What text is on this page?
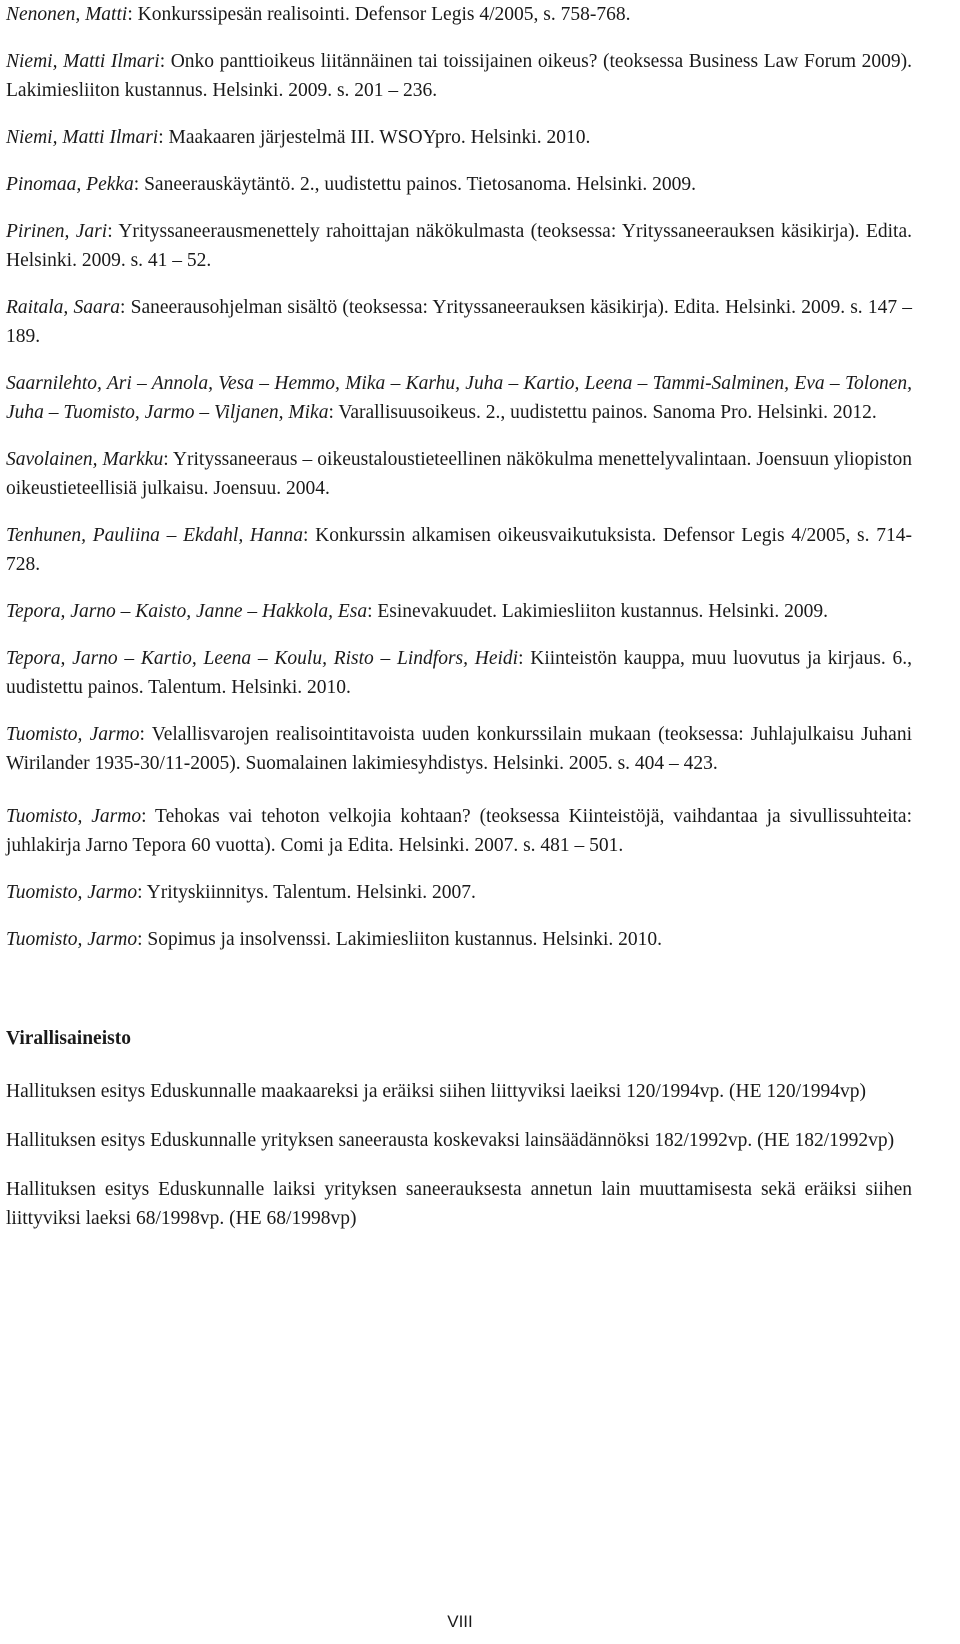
Nenonen, Matti: Konkurssipesän realisointi. Defensor Legis 4/2005, s. 758-768.

Niemi, Matti Ilmari: Onko panttioikeus liitännäinen tai toissijainen oikeus? (teoksessa Business Law Forum 2009). Lakimiesliiton kustannus. Helsinki. 2009. s. 201 – 236.

Niemi, Matti Ilmari: Maakaaren järjestelmä III. WSOYpro. Helsinki. 2010.

Pinomaa, Pekka: Saneerauskäytäntö. 2., uudistettu painos. Tietosanoma. Helsinki. 2009.

Pirinen, Jari: Yrityssaneerausmenettely rahoittajan näkökulmasta (teoksessa: Yrityssaneerauksen käsikirja). Edita. Helsinki. 2009. s. 41 – 52.

Raitala, Saara: Saneerausohjelman sisältö (teoksessa: Yrityssaneerauksen käsikirja). Edita. Helsinki. 2009. s. 147 – 189.

Saarnilehto, Ari – Annola, Vesa – Hemmo, Mika – Karhu, Juha – Kartio, Leena – Tammi-Salminen, Eva – Tolonen, Juha – Tuomisto, Jarmo – Viljanen, Mika: Varallisuusoikeus. 2., uudistettu painos. Sanoma Pro. Helsinki. 2012.

Savolainen, Markku: Yrityssaneeraus – oikeustaloustieteellinen näkökulma menettelyvalintaan. Joensuun yliopiston oikeustieteellisiä julkaisu. Joensuu. 2004.

Tenhunen, Pauliina – Ekdahl, Hanna: Konkurssin alkamisen oikeusvaikutuksista. Defensor Legis 4/2005, s. 714-728.

Tepora, Jarno – Kaisto, Janne – Hakkola, Esa: Esinevakuudet. Lakimiesliiton kustannus. Helsinki. 2009.

Tepora, Jarno – Kartio, Leena – Koulu, Risto – Lindfors, Heidi: Kiinteistön kauppa, muu luovutus ja kirjaus. 6., uudistettu painos. Talentum. Helsinki. 2010.

Tuomisto, Jarmo: Velallisvarojen realisointitavoista uuden konkurssilain mukaan (teoksessa: Juhlajulkaisu Juhani Wirilander 1935-30/11-2005). Suomalainen lakimiesyhdistys. Helsinki. 2005. s. 404 – 423.

Tuomisto, Jarmo: Tehokas vai tehoton velkojia kohtaan? (teoksessa Kiinteistöjä, vaihdantaa ja sivullissuhteita: juhlakirja Jarno Tepora 60 vuotta). Comi ja Edita. Helsinki. 2007. s. 481 – 501.

Tuomisto, Jarmo: Yrityskiinnitys. Talentum. Helsinki. 2007.

Tuomisto, Jarmo: Sopimus ja insolvenssi. Lakimiesliiton kustannus. Helsinki. 2010.

Virallisaineisto

Hallituksen esitys Eduskunnalle maakaareksi ja eräiksi siihen liittyviksi laeiksi 120/1994vp. (HE 120/1994vp)

Hallituksen esitys Eduskunnalle yrityksen saneerausta koskevaksi lainsäädännöksi 182/1992vp. (HE 182/1992vp)

Hallituksen esitys Eduskunnalle laiksi yrityksen saneerauksesta annetun lain muuttamisesta sekä eräiksi siihen liittyviksi laeksi 68/1998vp. (HE 68/1998vp)

VIII
